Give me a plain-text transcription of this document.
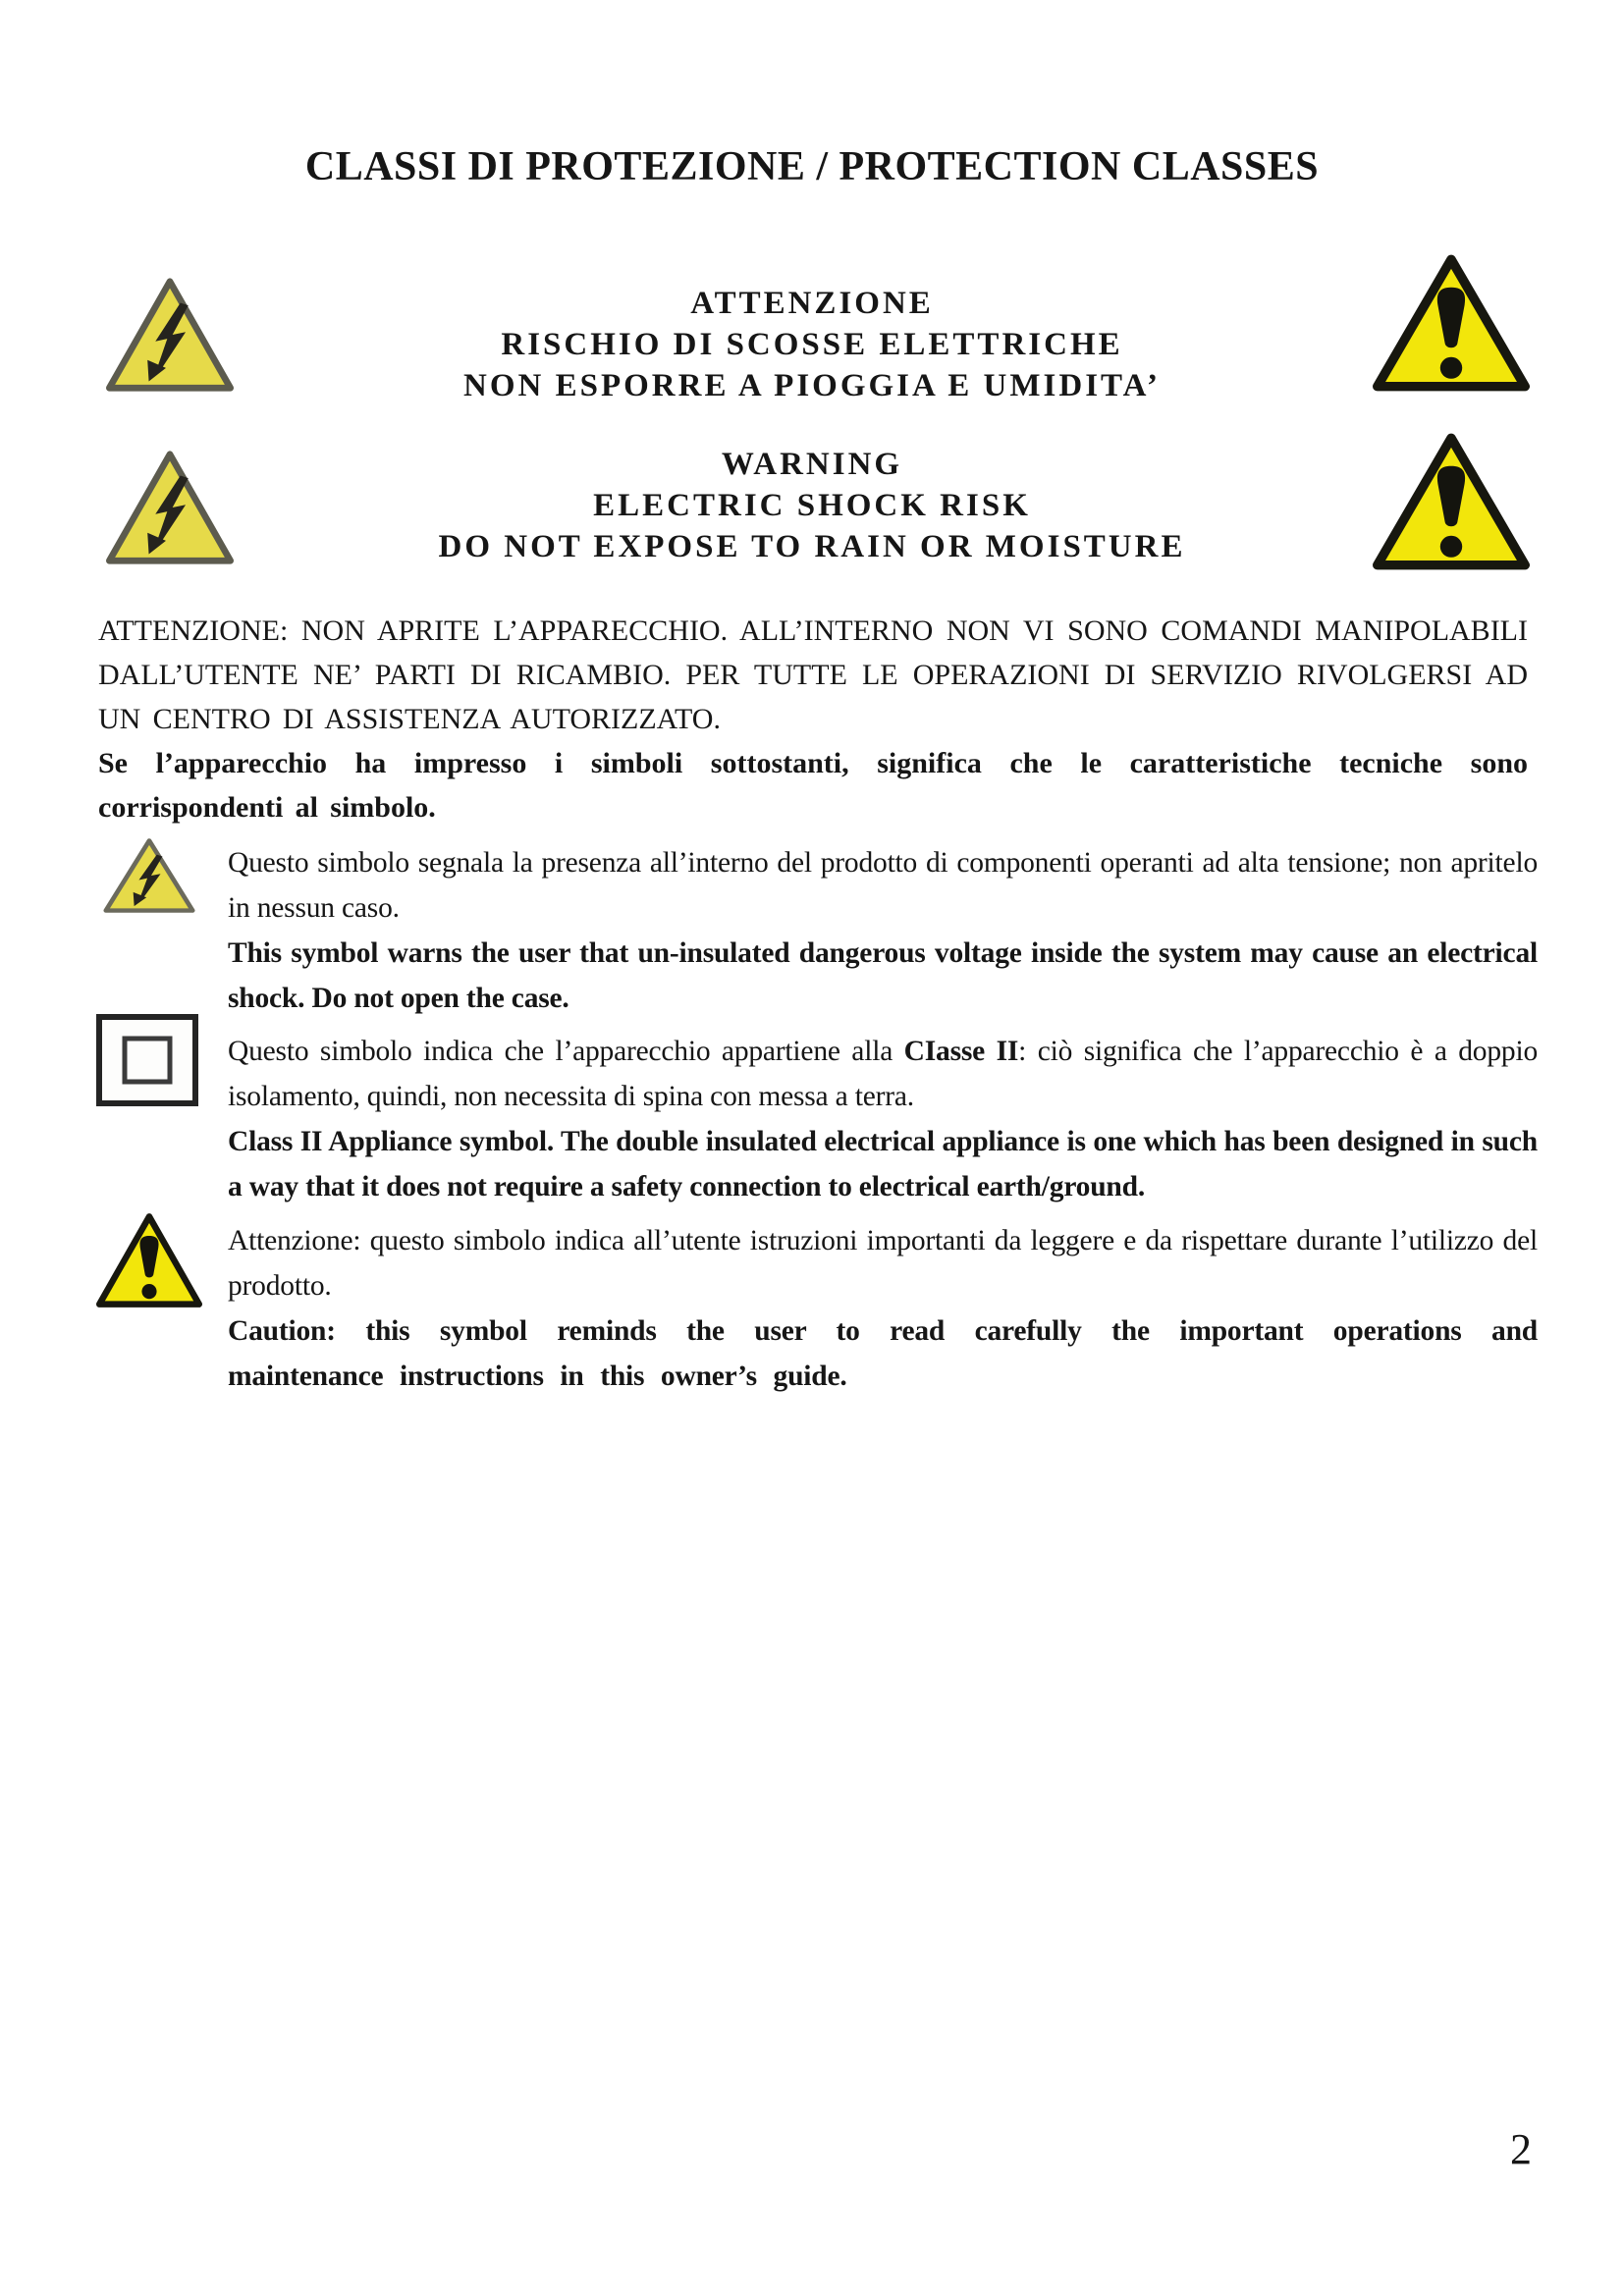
CLASSI DI PROTEZIONE / PROTECTION CLASSES
ATTENZIONE
RISCHIO DI SCOSSE ELETTRICHE
NON ESPORRE A PIOGGIA E UMIDITA’
WARNING
ELECTRIC SHOCK RISK
DO NOT EXPOSE TO RAIN OR MOISTURE

ATTENZIONE: NON APRITE L’APPARECCHIO. ALL’INTERNO NON VI SONO COMANDI MANIPOLABILI DALL’UTENTE NE’ PARTI DI RICAMBIO. PER TUTTE LE OPERAZIONI DI SERVIZIO RIVOLGERSI AD UN CENTRO DI ASSISTENZA AUTORIZZATO.

Se l’apparecchio ha impresso i simboli sottostanti, significa che le caratteristiche tecniche sono corrispondenti al simbolo.

Questo simbolo segnala la presenza all’interno del prodotto di componenti operanti ad alta tensione; non apritelo in nessun caso.

This symbol warns the user that un-insulated dangerous voltage inside the system may cause an electrical shock. Do not open the case.

Questo simbolo indica che l’apparecchio appartiene alla CIasse II: ciò significa che l’apparecchio è a doppio isolamento, quindi, non necessita di spina con messa a terra.

Class II Appliance symbol. The double insulated electrical appliance is one which has been designed in such a way that it does not require a safety connection to electrical earth/ground.

Attenzione: questo simbolo indica all’utente istruzioni importanti da leggere e da rispettare durante l’utilizzo del prodotto.

Caution: this symbol reminds the user to read carefully the important operations and maintenance instructions in this owner’s guide.

2
